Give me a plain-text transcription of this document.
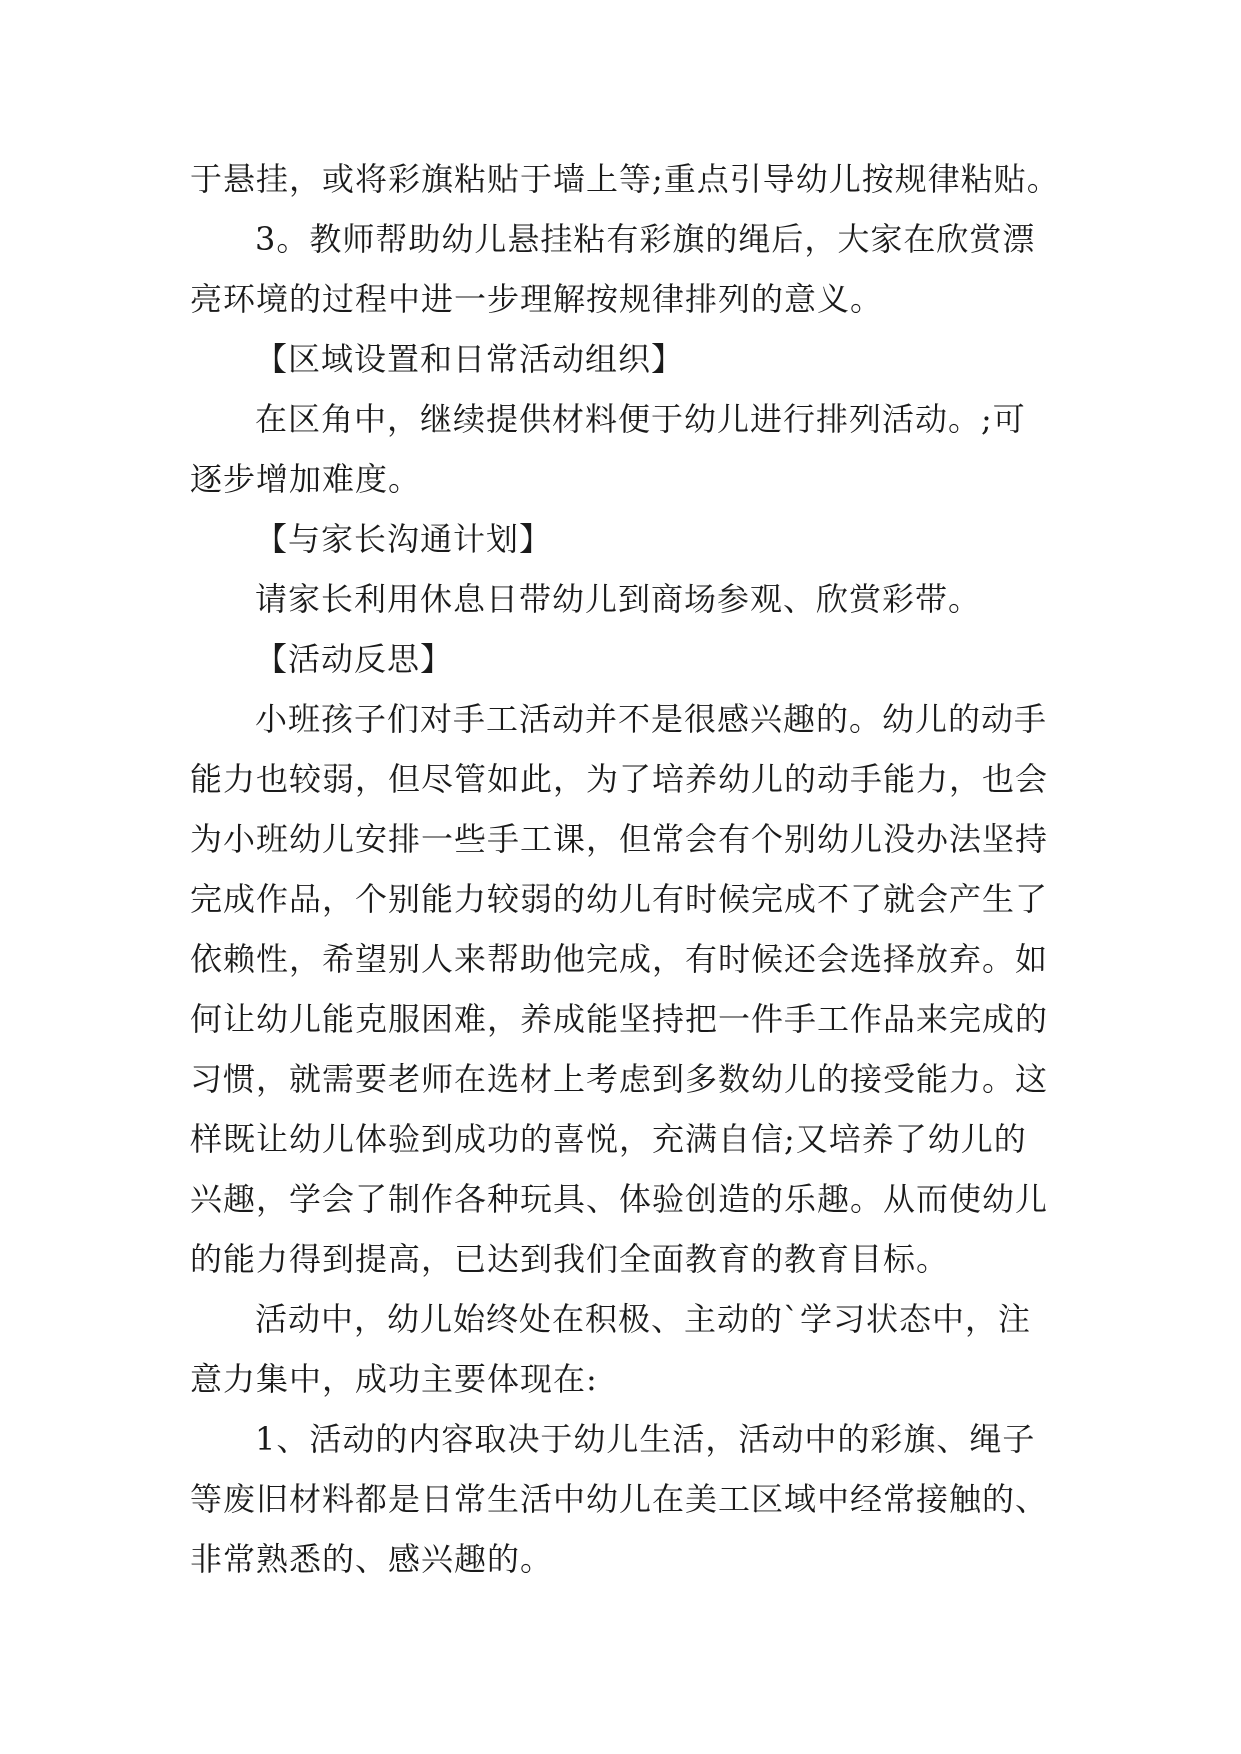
于悬挂，或将彩旗粘贴于墙上等;重点引导幼儿按规律粘贴。
3。教师帮助幼儿悬挂粘有彩旗的绳后，大家在欣赏漂
亮环境的过程中进一步理解按规律排列的意义。
【区域设置和日常活动组织】
在区角中，继续提供材料便于幼儿进行排列活动。;可
逐步增加难度。
【与家长沟通计划】
请家长利用休息日带幼儿到商场参观、欣赏彩带。
【活动反思】
小班孩子们对手工活动并不是很感兴趣的。幼儿的动手
能力也较弱，但尽管如此，为了培养幼儿的动手能力，也会
为小班幼儿安排一些手工课，但常会有个别幼儿没办法坚持
完成作品，个别能力较弱的幼儿有时候完成不了就会产生了
依赖性，希望别人来帮助他完成，有时候还会选择放弃。如
何让幼儿能克服困难，养成能坚持把一件手工作品来完成的
习惯，就需要老师在选材上考虑到多数幼儿的接受能力。这
样既让幼儿体验到成功的喜悦，充满自信;又培养了幼儿的
兴趣，学会了制作各种玩具、体验创造的乐趣。从而使幼儿
的能力得到提高，已达到我们全面教育的教育目标。
活动中，幼儿始终处在积极、主动的`学习状态中，注
意力集中，成功主要体现在:
1、活动的内容取决于幼儿生活，活动中的彩旗、绳子
等废旧材料都是日常生活中幼儿在美工区域中经常接触的、
非常熟悉的、感兴趣的。
